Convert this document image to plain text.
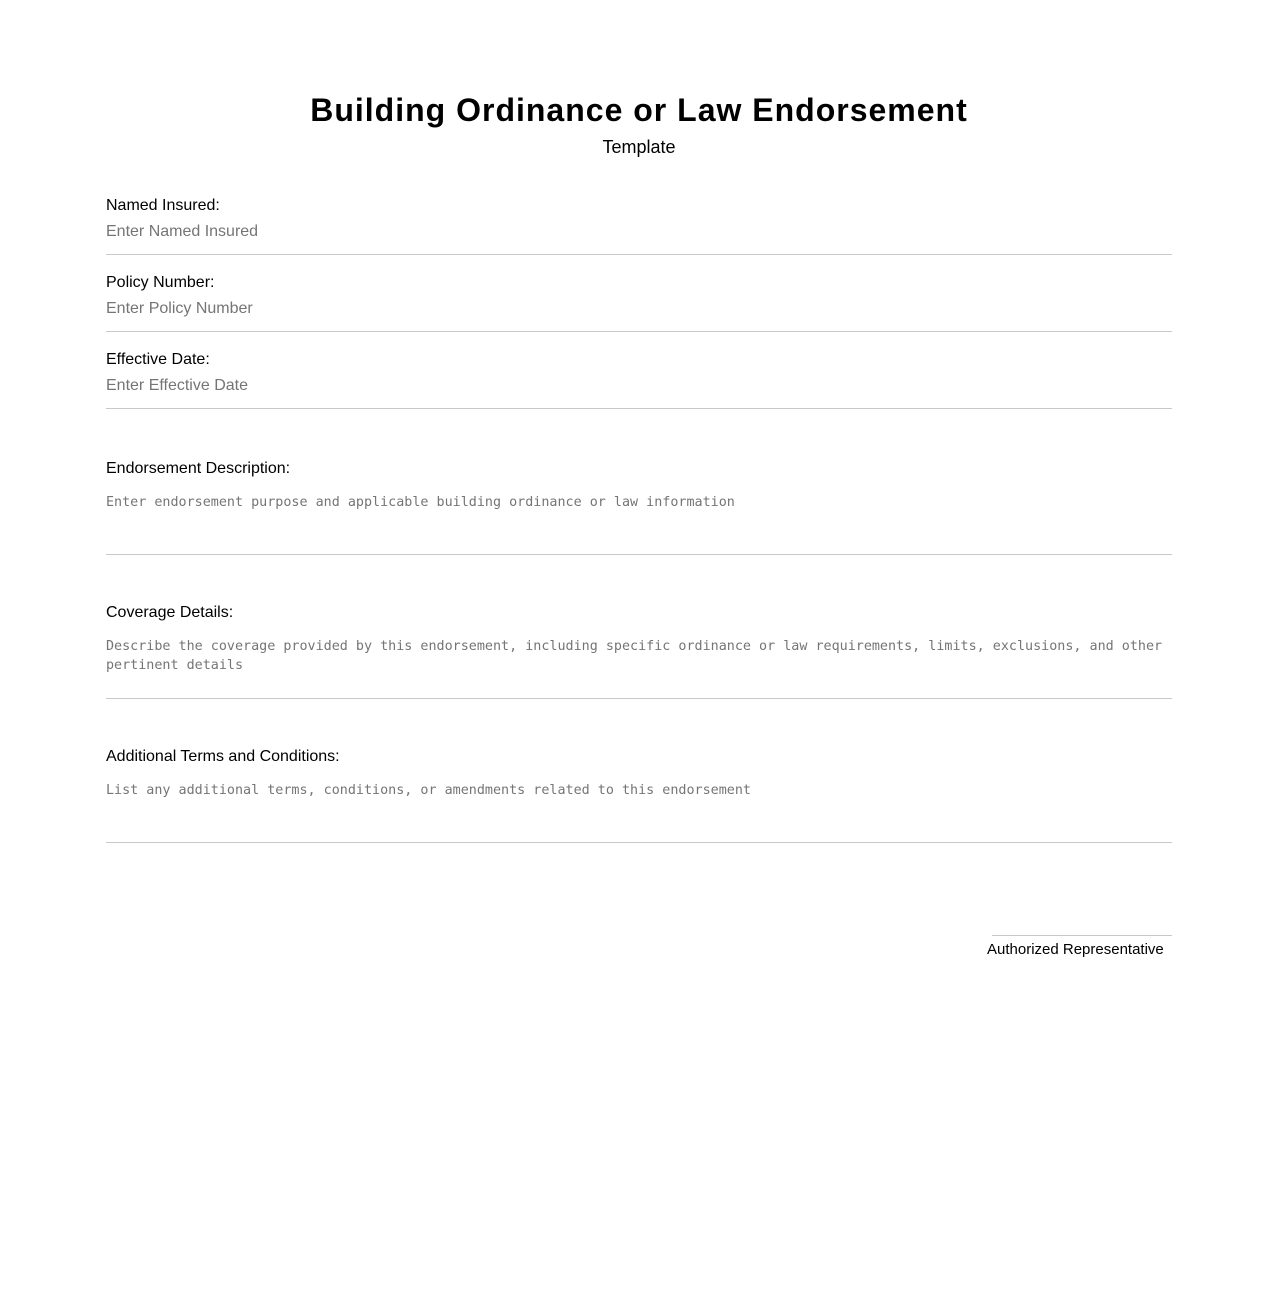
Building Ordinance or Law Endorsement
Template
Named Insured:
Enter Named Insured
Policy Number:
Enter Policy Number
Effective Date:
Enter Effective Date
Endorsement Description:
Enter endorsement purpose and applicable building ordinance or law information
Coverage Details:
Describe the coverage provided by this endorsement, including specific ordinance or law requirements, limits, exclusions, and other pertinent details
Additional Terms and Conditions:
List any additional terms, conditions, or amendments related to this endorsement
Authorized Representative
